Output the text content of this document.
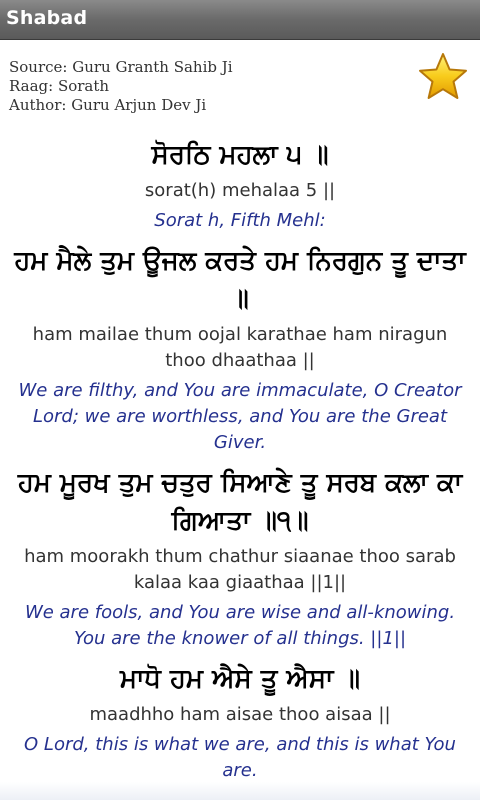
Shabad
Source: Guru Granth Sahib Ji
Raag: Sorath
Author: Guru Arjun Dev Ji
ਸੋਰਠਿ ਮਹਲਾ ੫ ॥
sorat(h) mehalaa 5 ||
Sorat h, Fifth Mehl:
ਹਮ ਮੈਲੇ ਤੁਮ ਊਜਲ ਕਰਤੇ ਹਮ ਨਿਰਗੁਨ ਤੂ ਦਾਤਾ ॥
ham mailae thum oojal karathae ham niragun thoo dhaathaa ||
We are filthy, and You are immaculate, O Creator Lord; we are worthless, and You are the Great Giver.
ਹਮ ਮੂਰਖ ਤੁਮ ਚਤੁਰ ਸਿਆਣੇ ਤੂ ਸਰਬ ਕਲਾ ਕਾ ਗਿਆਤਾ ॥੧॥
ham moorakh thum chathur siaanae thoo sarab kalaa kaa giaathaa ||1||
We are fools, and You are wise and all-knowing. You are the knower of all things. ||1||
ਮਾਧੋ ਹਮ ਐਸੇ ਤੂ ਐਸਾ ॥
maadhho ham aisae thoo aisaa ||
O Lord, this is what we are, and this is what You are.
